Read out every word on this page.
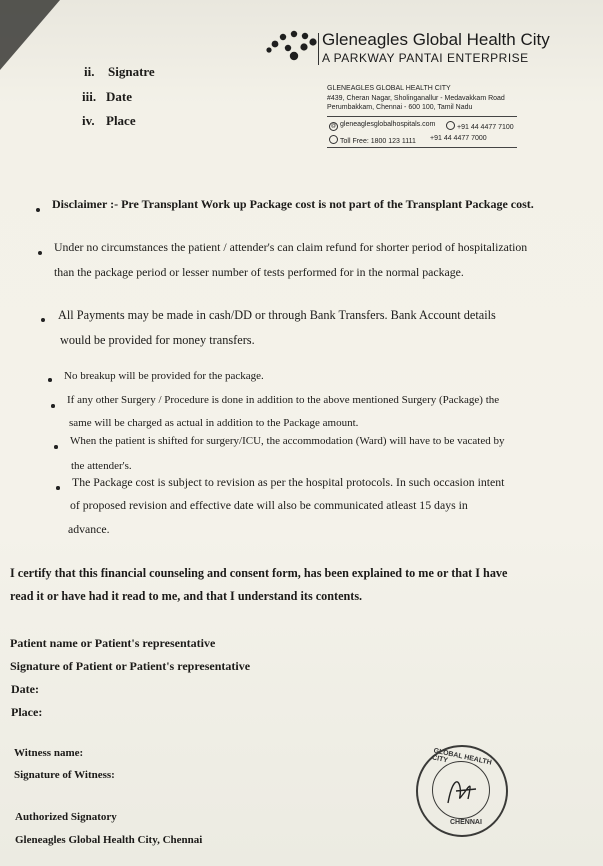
ii. Signatre
iii. Date
iv. Place
Gleneagles Global Health City
A PARKWAY PANTAI ENTERPRISE
GLENEAGLES GLOBAL HEALTH CITY
#439, Cheran Nagar, Sholinganallur - Medavakkam Road
Perumbakkam, Chennai - 600 100, Tamil Nadu
@ gleneaglesglobalhospitals.com	+91 44 4477 7100
Toll Free: 1800 123 1111 +91 44 4477 7000
Disclaimer :- Pre Transplant Work up Package cost is not part of the Transplant Package cost.
Under no circumstances the patient / attender's can claim refund for shorter period of hospitalization
than the package period or lesser number of tests performed for in the normal package.
All Payments may be made in cash/DD or through Bank Transfers. Bank Account details
would be provided for money transfers.
No breakup will be provided for the package.
If any other Surgery / Procedure is done in addition to the above mentioned Surgery (Package) the
same will be charged as actual in addition to the Package amount.
When the patient is shifted for surgery/ICU, the accommodation (Ward) will have to be vacated by
the attender's.
The Package cost is subject to revision as per the hospital protocols. In such occasion intent
of proposed revision and effective date will also be communicated atleast 15 days in
advance.
I certify that this financial counseling and consent form, has been explained to me or that I have
read it or have had it read to me, and that I understand its contents.
Patient name or Patient's representative
Signature of Patient or Patient's representative
Date:
Place:
Witness name:
Signature of Witness:
Authorized Signatory
Gleneagles Global Health City, Chennai
GLOBAL HEALTH CITY
CHENNAI
